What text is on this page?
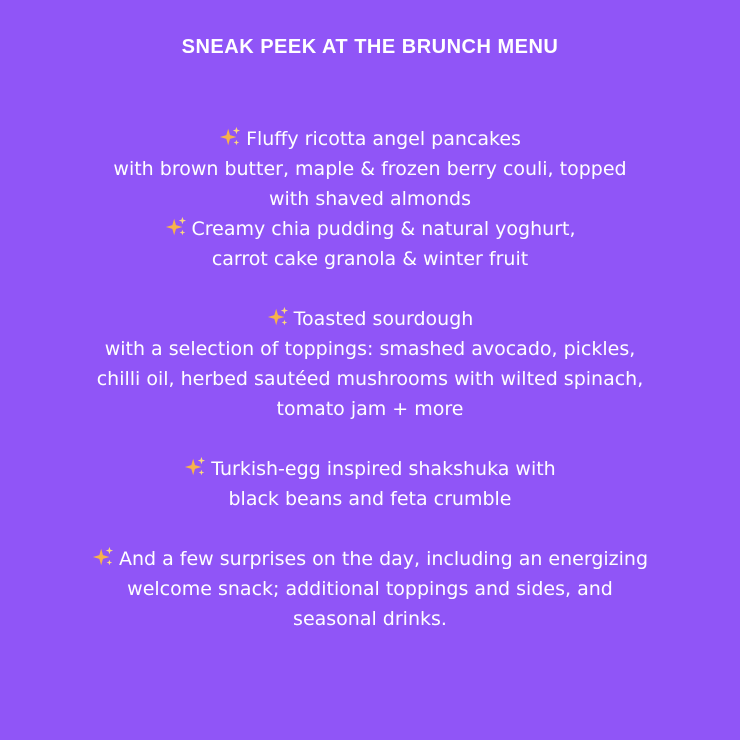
SNEAK PEEK AT THE BRUNCH MENU
Fluffy ricotta angel pancakes
with brown butter, maple & frozen berry couli, topped
with shaved almonds
Creamy chia pudding & natural yoghurt,
carrot cake granola & winter fruit
Toasted sourdough
with a selection of toppings: smashed avocado, pickles,
chilli oil, herbed sautéed mushrooms with wilted spinach,
tomato jam + more
Turkish-egg inspired shakshuka with
black beans and feta crumble
And a few surprises on the day, including an energizing
welcome snack; additional toppings and sides, and
seasonal drinks.
